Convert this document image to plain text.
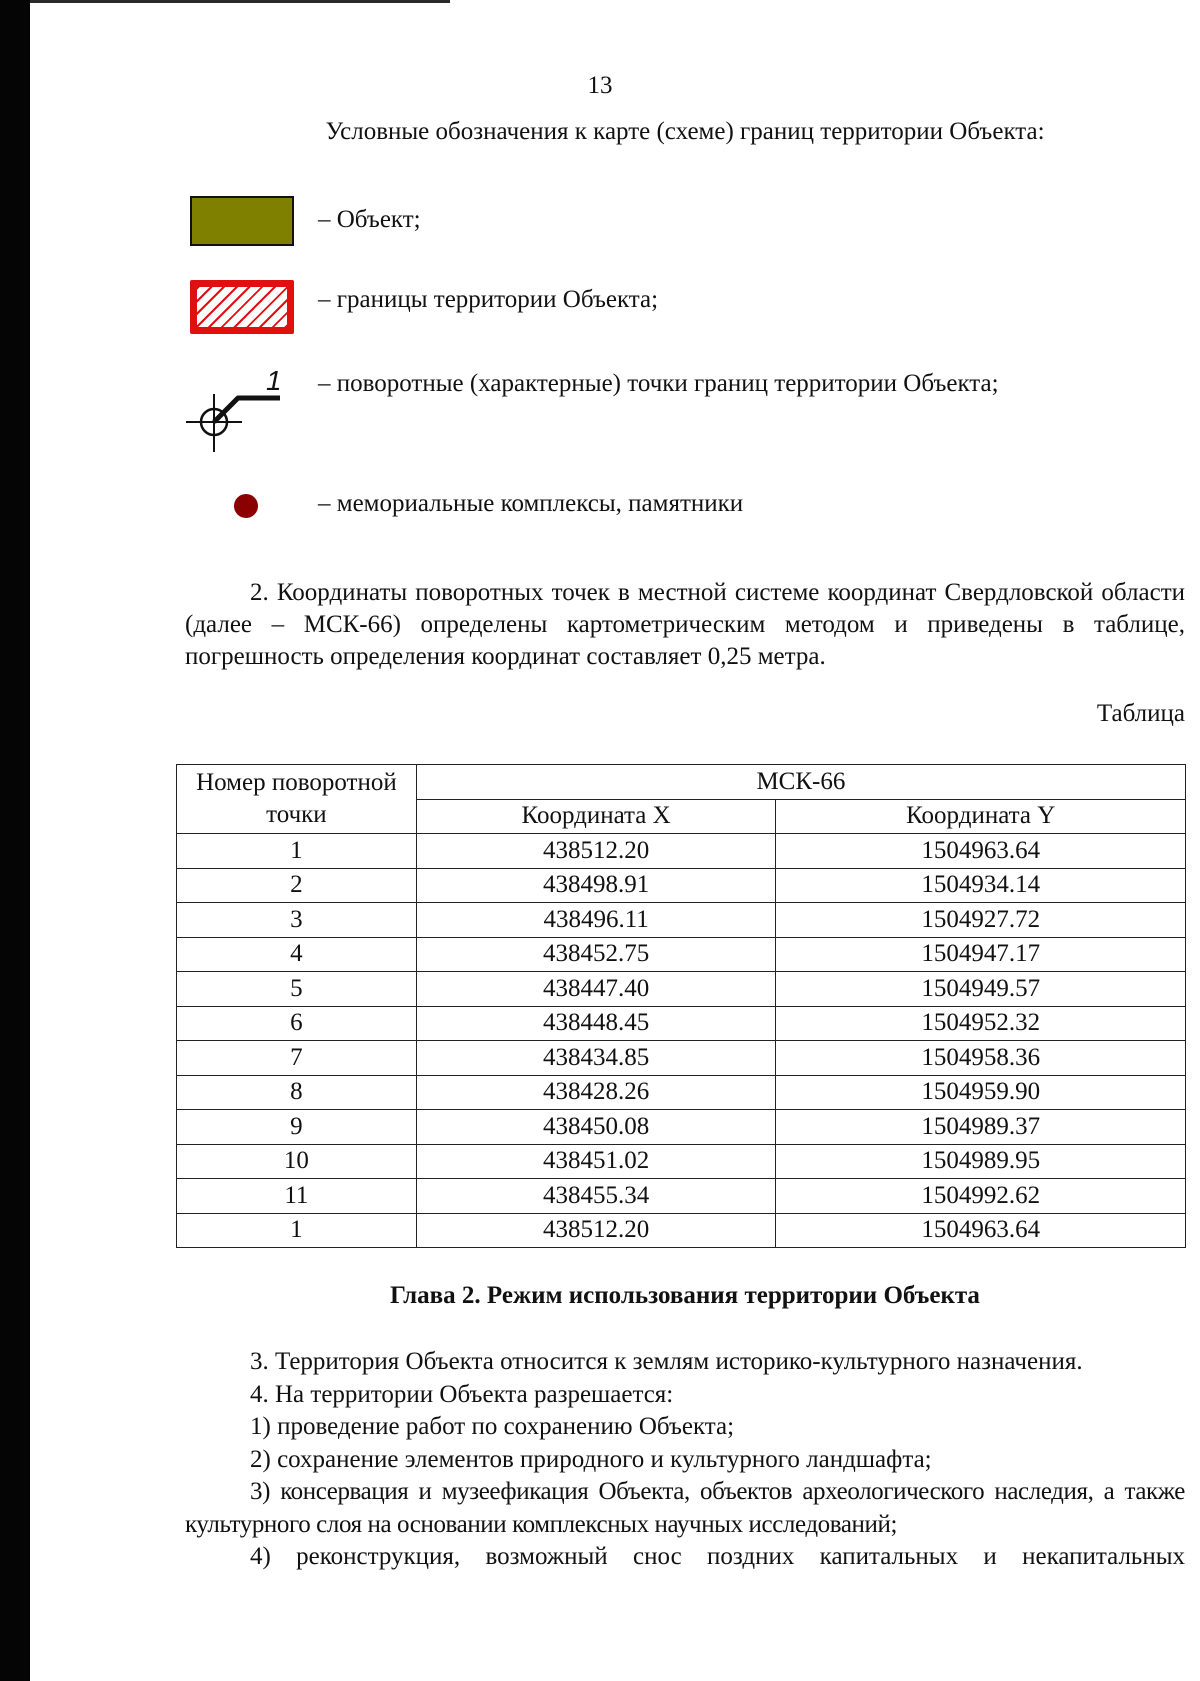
13
Условные обозначения к карте (схеме) границ территории Объекта:
– Объект;
– границы территории Объекта;
1 – поворотные (характерные) точки границ территории Объекта;
– мемориальные комплексы, памятники
2. Координаты поворотных точек в местной системе координат Свердловской области (далее – МСК-66) определены картометрическим методом и приведены в таблице, погрешность определения координат составляет 0,25 метра.
Таблица
Номер поворотной точки	МСК-66	
	Координата X	Координата Y
1	438512.20	1504963.64
2	438498.91	1504934.14
3	438496.11	1504927.72
4	438452.75	1504947.17
5	438447.40	1504949.57
6	438448.45	1504952.32
7	438434.85	1504958.36
8	438428.26	1504959.90
9	438450.08	1504989.37
10	438451.02	1504989.95
11	438455.34	1504992.62
1	438512.20	1504963.64
Глава 2. Режим использования территории Объекта

3. Территория Объекта относится к землям историко-культурного назначения.

4. На территории Объекта разрешается:

1) проведение работ по сохранению Объекта;

2) сохранение элементов природного и культурного ландшафта;

3) консервация и музеефикация Объекта, объектов археологического наследия, а также культурного слоя на основании комплексных научных исследований;

4) реконструкция, возможный снос поздних капитальных и некапитальных
